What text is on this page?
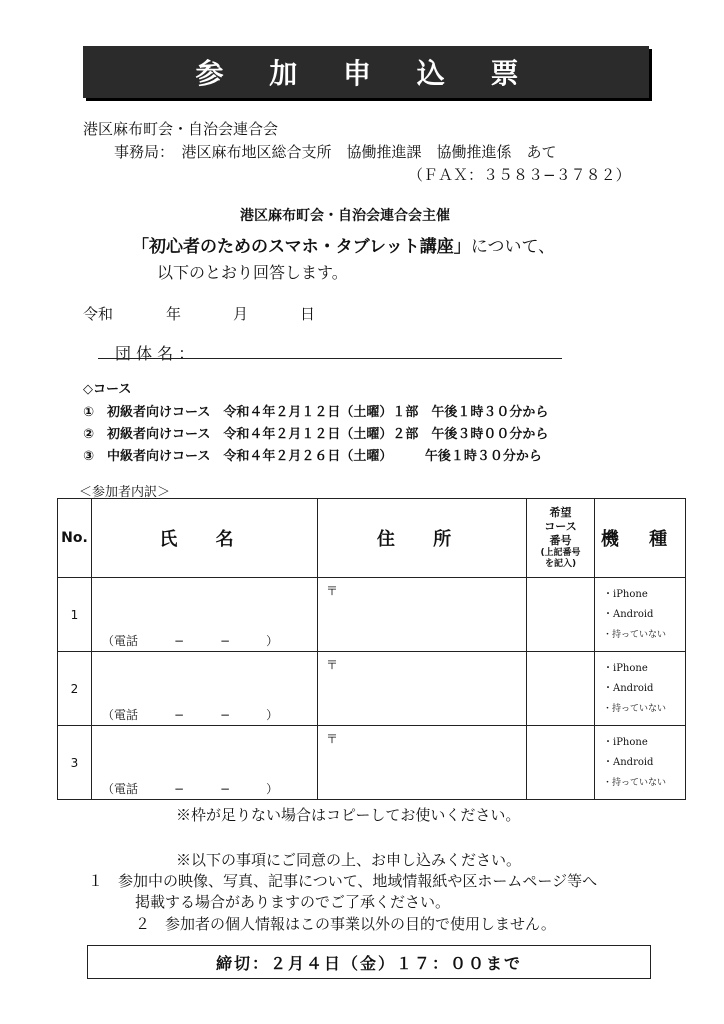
参 加 申 込 票
港区麻布町会・自治会連合会
事務局：　港区麻布地区総合支所　協働推進課　協働推進係　あて
（ＦＡＸ：３５８３−３７８２）
港区麻布町会・自治会連合会主催
「初心者のためのスマホ・タブレット講座」について、
以下のとおり回答します。
令和	年	月	日
団 体 名 ：
◇コース
①　初級者向けコース　令和４年２月１２日（土曜）１部　午後１時３０分から
②　初級者向けコース　令和４年２月１２日（土曜）２部　午後３時００分から
③　中級者向けコース　令和４年２月２６日（土曜）　　　午後１時３０分から
＜参加者内訳＞
No.	氏 名	住 所	希望
コース
番号
(上記番号
を記入)	機 種
1	（電話　　　−　　　−　　　）	〒		・iPhone
・Android
・持っていない

2	（電話　　　−　　　−　　　）	〒		・iPhone
・Android
・持っていない

3	（電話　　　−　　　−　　　）	〒		・iPhone
・Android
・持っていない
※枠が足りない場合はコピーしてお使いください。
※以下の事項にご同意の上、お申し込みください。
１　参加中の映像、写真、記事について、地域情報紙や区ホームページ等へ
掲載する場合がありますのでご了承ください。
２　参加者の個人情報はこの事業以外の目的で使用しません。
締切：２月４日（金）１７：００まで
